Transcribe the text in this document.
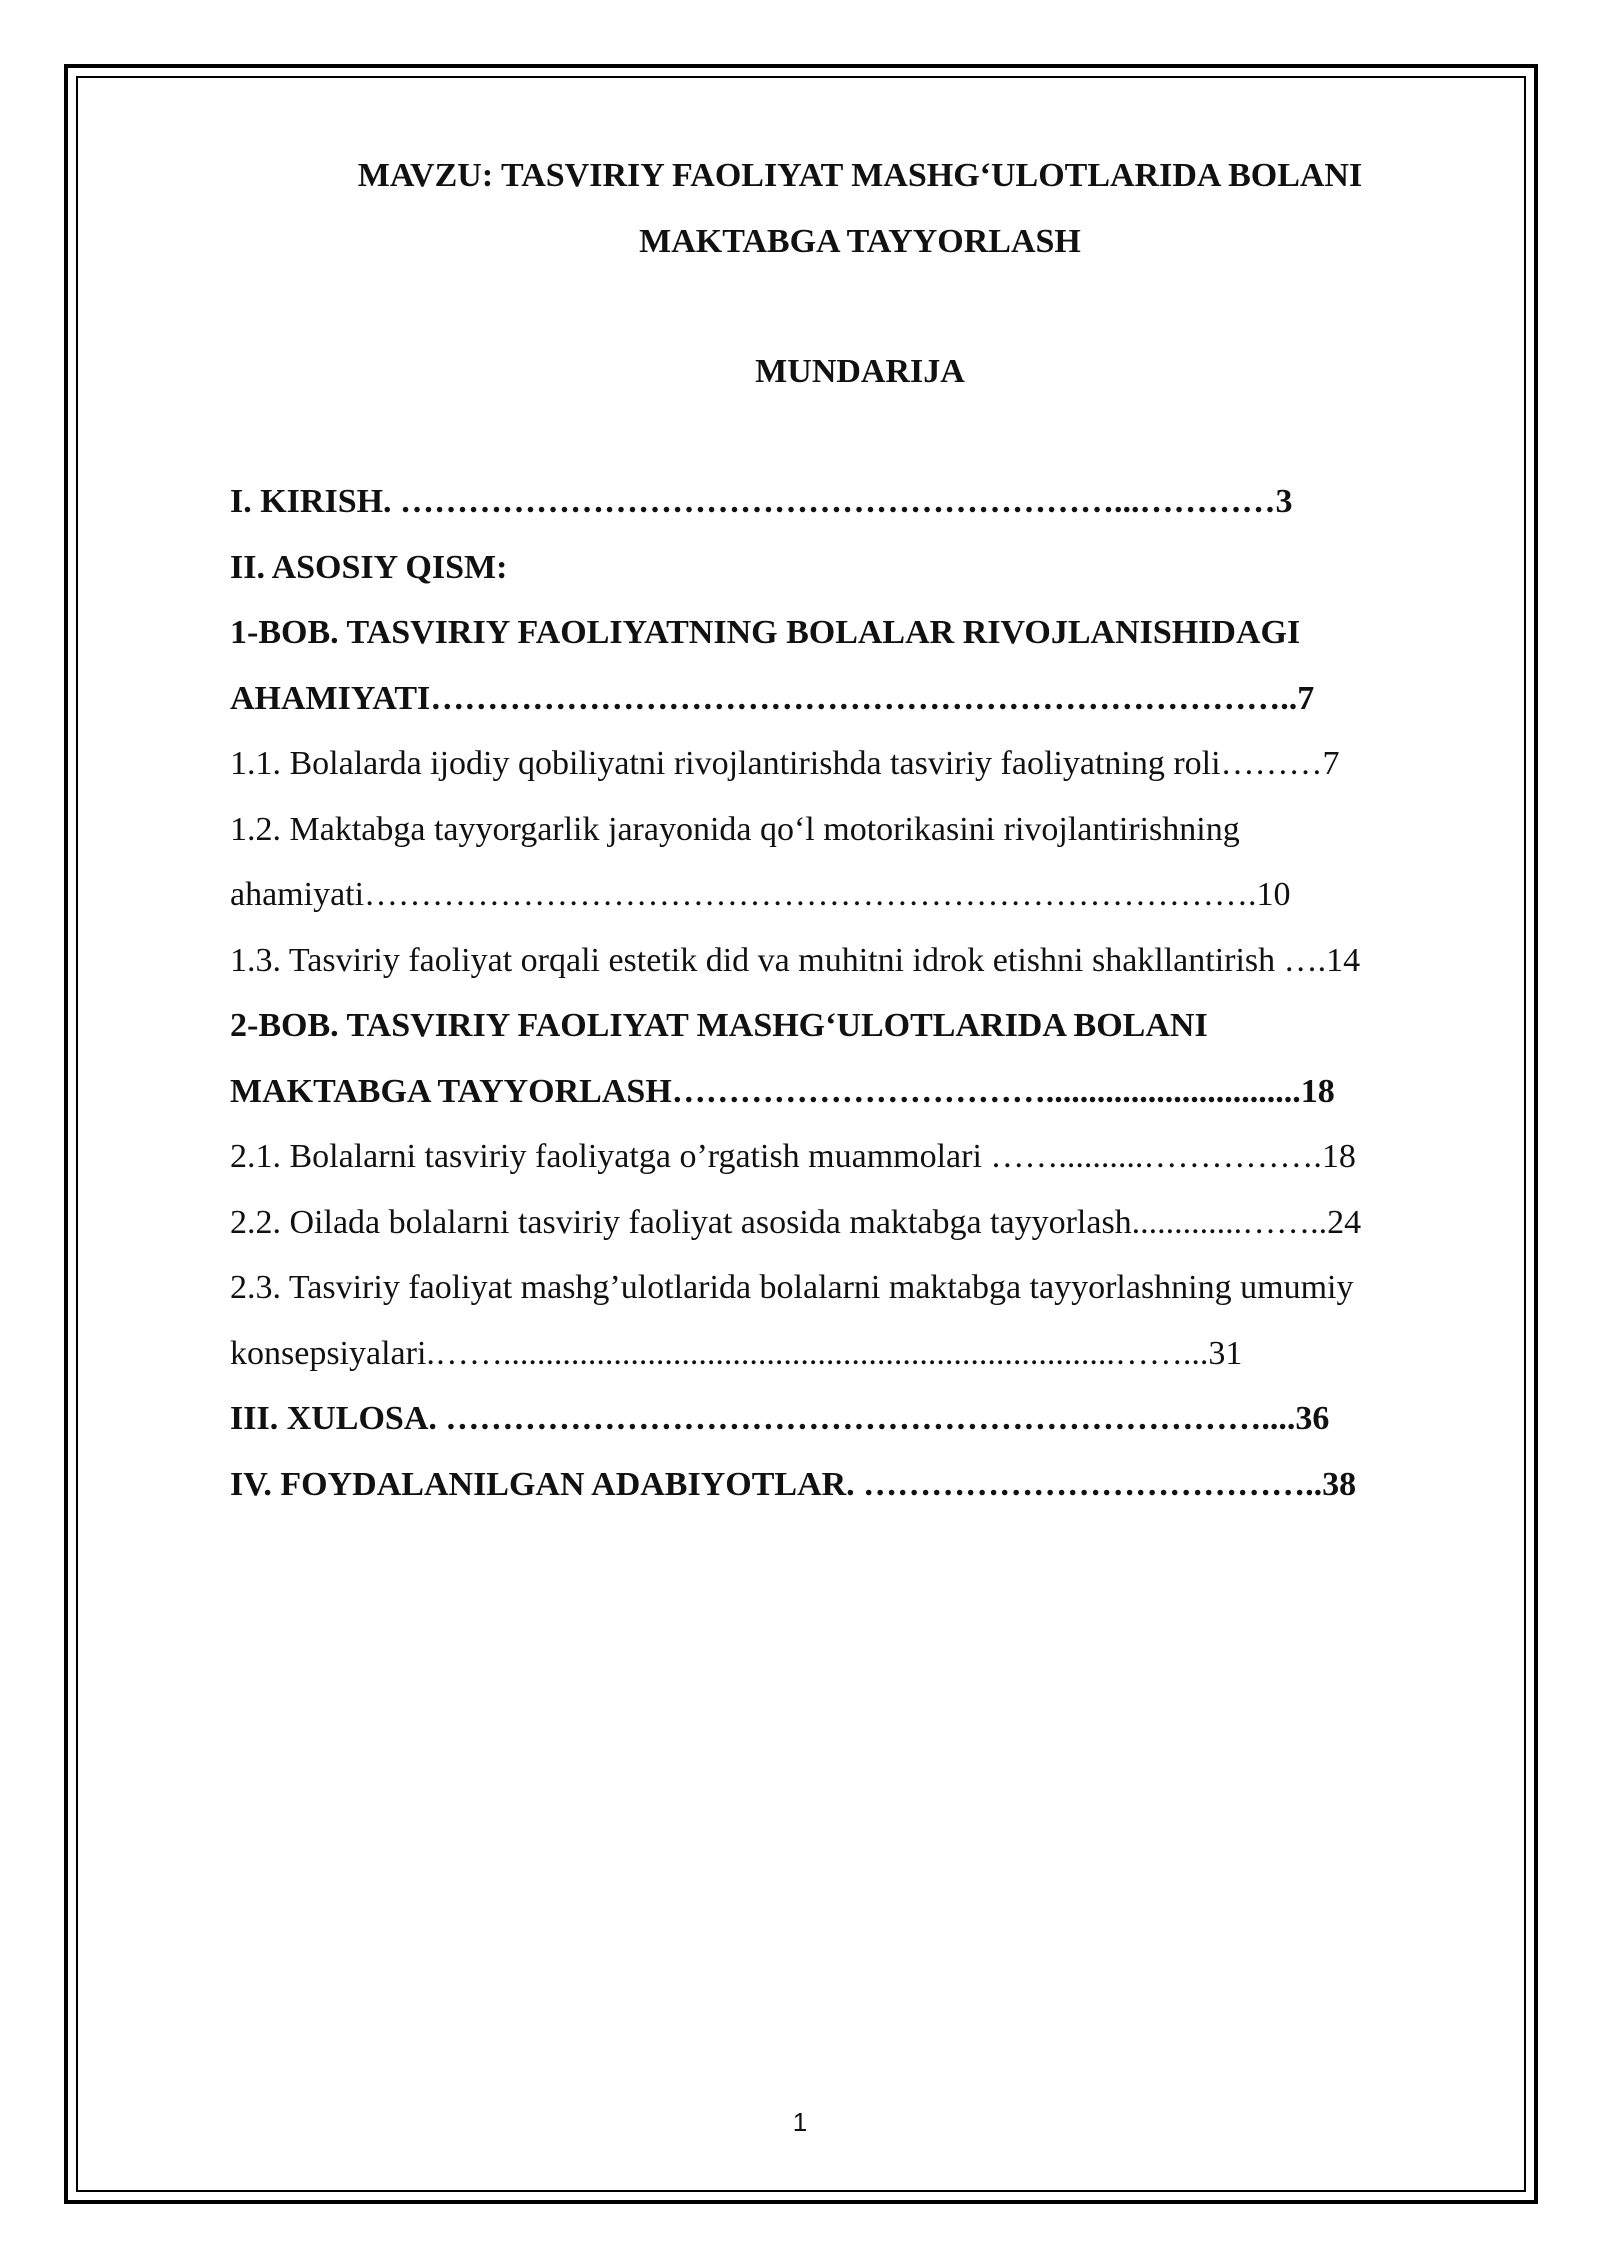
MAVZU: TASVIRIY FAOLIYAT MASHG‘ULOTLARIDA BOLANI
MAKTABGA TAYYORLASH
MUNDARIJA
I. KIRISH. ………………………………………………………...…………3
II. ASOSIY QISM:
1-BOB. TASVIRIY FAOLIYATNING BOLALAR RIVOJLANISHIDAGI
AHAMIYATI…………………………………………………………………..7
1.1. Bolalarda ijodiy qobiliyatni rivojlantirishda tasviriy faoliyatning roli………7
1.2. Maktabga tayyorgarlik jarayonida qo‘l motorikasini rivojlantirishning
ahamiyati…………………………………………………………………….10
1.3. Tasviriy faoliyat orqali estetik did va muhitni idrok etishni shakllantirish ….14
2-BOB. TASVIRIY FAOLIYAT MASHG‘ULOTLARIDA BOLANI
MAKTABGA TAYYORLASH……………………………..............................18
2.1. Bolalarni tasviriy faoliyatga o’rgatish muammolari ……..........…………….18
2.2. Oilada bolalarni tasviriy faoliyat asosida maktabga tayyorlash.............……..24
2.3. Tasviriy faoliyat mashg’ulotlarida bolalarni maktabga tayyorlashning umumiy
konsepsiyalari.……........................................................................……...31
III. XULOSA. ………………………………………………………………....36
IV. FOYDALANILGAN ADABIYOTLAR. …………………………………..38
1
